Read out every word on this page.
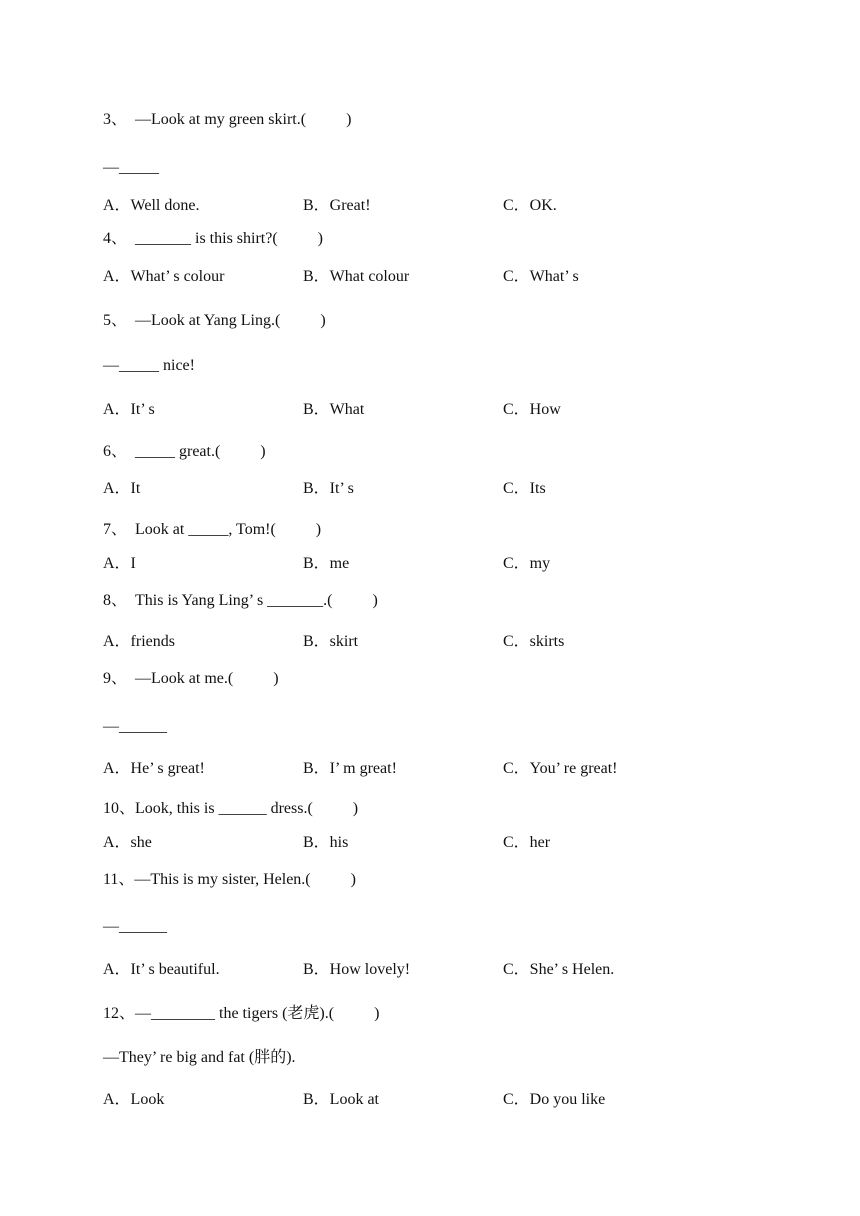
3、  —Look at my green skirt.(          )
—_____
A．Well done.	B．Great!	C．OK.
4、  _______ is this shirt?(          )
A．What’ s colour	B．What colour	C．What’ s
5、  —Look at Yang Ling.(          )
—_____ nice!
A．It’ s	B．What	C．How
6、  _____ great.(          )
A．It	B．It’ s	C．Its
7、  Look at _____, Tom!(          )
A．I	B．me	C．my
8、  This is Yang Ling’ s _______.(          )
A．friends	B．skirt	C．skirts
9、  —Look at me.(          )
—______
A．He’ s great!	B．I’ m great!	C．You’ re great!
10、Look, this is ______ dress.(          )
A．she	B．his	C．her
11、—This is my sister, Helen.(          )
—______
A．It’ s beautiful.	B．How lovely!	C．She’ s Helen.
12、—________ the tigers (老虎).(          )
—They’ re big and fat (胖的).
A．Look	B．Look at	C．Do you like
